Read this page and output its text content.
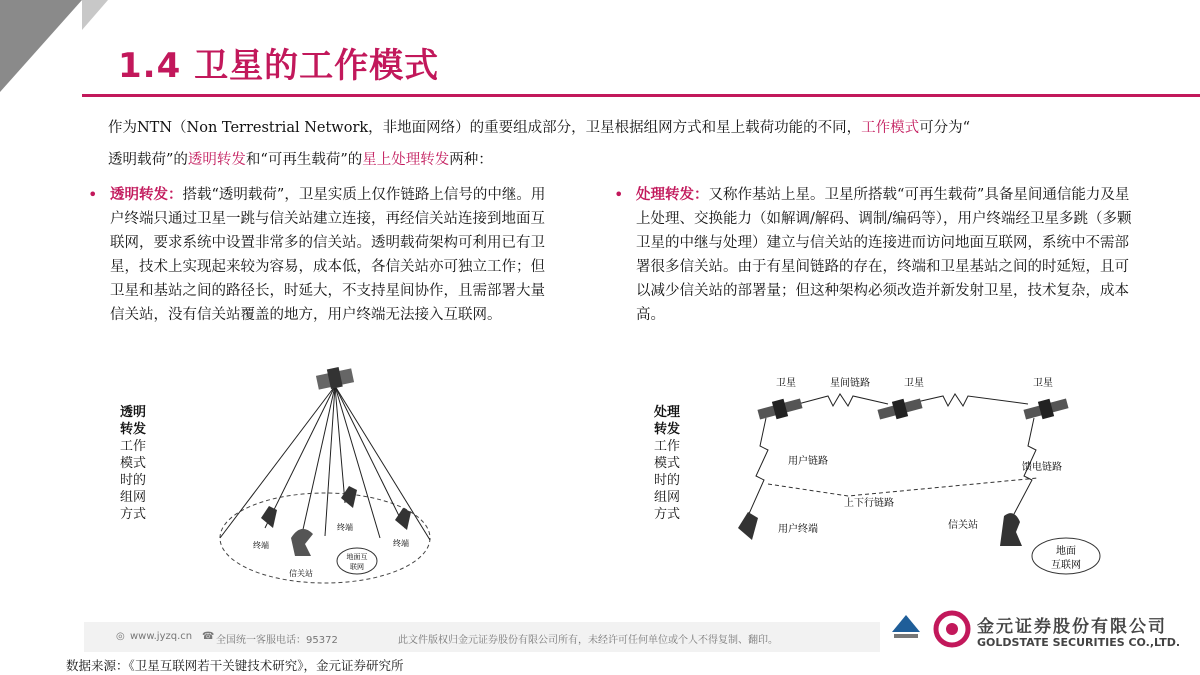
1.4 卫星的工作模式
作为NTN（Non Terrestrial Network，非地面网络）的重要组成部分，卫星根据组网方式和星上载荷功能的不同，工作模式可分为“
透明载荷”的透明转发和“可再生载荷”的星上处理转发两种：
• 透明转发：搭载“透明载荷”，卫星实质上仅作链路上信号的中继。用户终端只通过卫星一跳与信关站建立连接，再经信关站连接到地面互联网，要求系统中设置非常多的信关站。透明载荷架构可利用已有卫星，技术上实现起来较为容易，成本低，各信关站亦可独立工作；但卫星和基站之间的路径长，时延大，不支持星间协作，且需部署大量信关站，没有信关站覆盖的地方，用户终端无法接入互联网。
• 处理转发：又称作基站上星。卫星所搭载“可再生载荷”具备星间通信能力及星上处理、交换能力（如解调/解码、调制/编码等），用户终端经卫星多跳（多颗卫星的中继与处理）建立与信关站的连接进而访问地面互联网，系统中不需部署很多信关站。由于有星间链路的存在，终端和卫星基站之间的时延短，且可以减少信关站的部署量；但这种架构必须改造并新发射卫星，技术复杂，成本高。
透明
转发
工作
模式
时的
组网
方式
终端
终端
终端
信关站
地面互
联网
处理
转发
工作
模式
时的
组网
方式
卫星	星间链路	卫星	卫星
用户链路
馈电链路
上下行链路
用户终端	信关站
地面
互联网
◎ www.jyzq.cn ☎ 全国统一客服电话：95372	此文件版权归金元证券股份有限公司所有，未经许可任何单位或个人不得复制、翻印。
金元证券股份有限公司
GOLDSTATE SECURITIES CO.,LTD.
数据来源：《卫星互联网若干关键技术研究》，金元证券研究所
